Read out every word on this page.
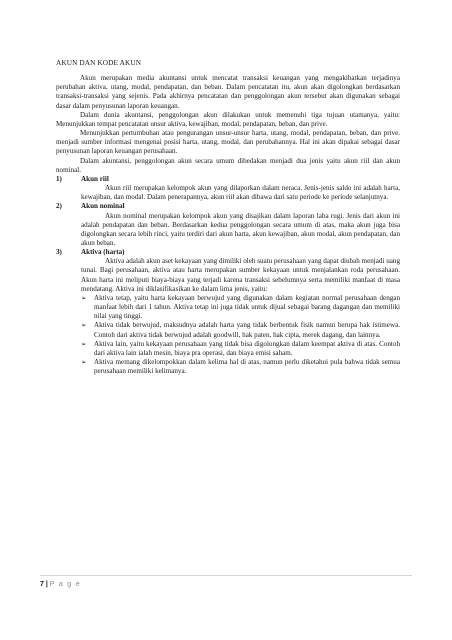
AKUN DAN KODE AKUN

Akun merupakan media akuntansi untuk mencatat transaksi keuangan yang mengakibatkan terjadinya perubahan aktiva, utang, modal, pendapatan, dan beban. Dalam pencatatan itu, akun akan digolongkan berdasarkan transaksi-transaksi yang sejenis. Pada akhirnya pencatatan dan penggolongan akun tersebut akan digunakan sebagai dasar dalam penyusunan laporan keuangan.

Dalam dunia akuntansi, penggolongan akun dilakukan untuk memenuhi tiga tujuan utamanya, yaitu: Menunjukkan tempat pencatatan unsur aktiva, kewajiban, modal, pendapatan, beban, dan prive.

Menunjukkan pertumbuhan atau pengurangan unsur-unsur harta, utang, modal, pendapatan, beban, dan prive. menjadi sumber informasi mengenai posisi harta, utang, modal, dan perubahannya. Hal ini akan dipakai sebagai dasar penyusunan laporan keuangan perusahaan.

Dalam akuntansi, penggolongan akun secara umum dibedakan menjadi dua jenis yaitu akun riil dan akun nominal.

1)	Akun riil

Akun riil merupakan kelompok akun yang dilaporkan dalam neraca. Jenis-jenis saldo ini adalah harta, kewajiban, dan modal. Dalam penerapannya, akun riil akan dibawa dari satu periode ke periode selanjutnya.

2)	Akun nominal

Akun nominal merupakan kelompok akun yang disajikan dalam laporan laba rugi. Jenis dari akun ini adalah pendapatan dan beban. Berdasarkan kedua penggolongan secara umum di atas, maka akun juga bisa digolongkan secara lebih rinci, yaitu terdiri dari akun harta, akun kewajiban, akun modal, akun pendapatan, dan akun beban.

3)	Aktiva (harta)

Aktiva adalah akun aset kekayaan yang dimiliki oleh suatu perusahaan yang dapat diubah menjadi uang tunai. Bagi perusahaan, aktiva atau harta merupakan sumber kekayaan untuk menjalankan roda perusahaan. Akun harta ini meliputi biaya-biaya yang terjadi karena transaksi sebelumnya serta memiliki manfaat di masa mendatang. Aktiva ini diklasifikasikan ke dalam lima jenis, yaitu:

➢	Aktiva tetap, yaitu harta kekayaan berwujud yang digunakan dalam kegiatan normal perusahaan dengan manfaat lebih dari 1 tahun. Aktiva tetap ini juga tidak untuk dijual sebagai barang dagangan dan memiliki nilai yang tinggi.
➢	Aktiva tidak berwujud, maksudnya adalah harta yang tidak berbentuk fisik namun berupa hak istimewa. Contoh dari aktiva tidak berwujud adalah goodwill, hak paten, hak cipta, merek dagang, dan lainnya.
➢	Aktiva lain, yaitu kekayaan perusahaan yang tidak bisa digolongkan dalam keempat aktiva di atas. Contoh dari aktiva lain ialah mesin, biaya pra operasi, dan biaya emisi saham.
➢	Aktiva memang dikelompokkan dalam kelima hal di atas, namun perlu diketahui pula bahwa tidak semua perusahaan memiliki kelimanya.
7 | P a g e
